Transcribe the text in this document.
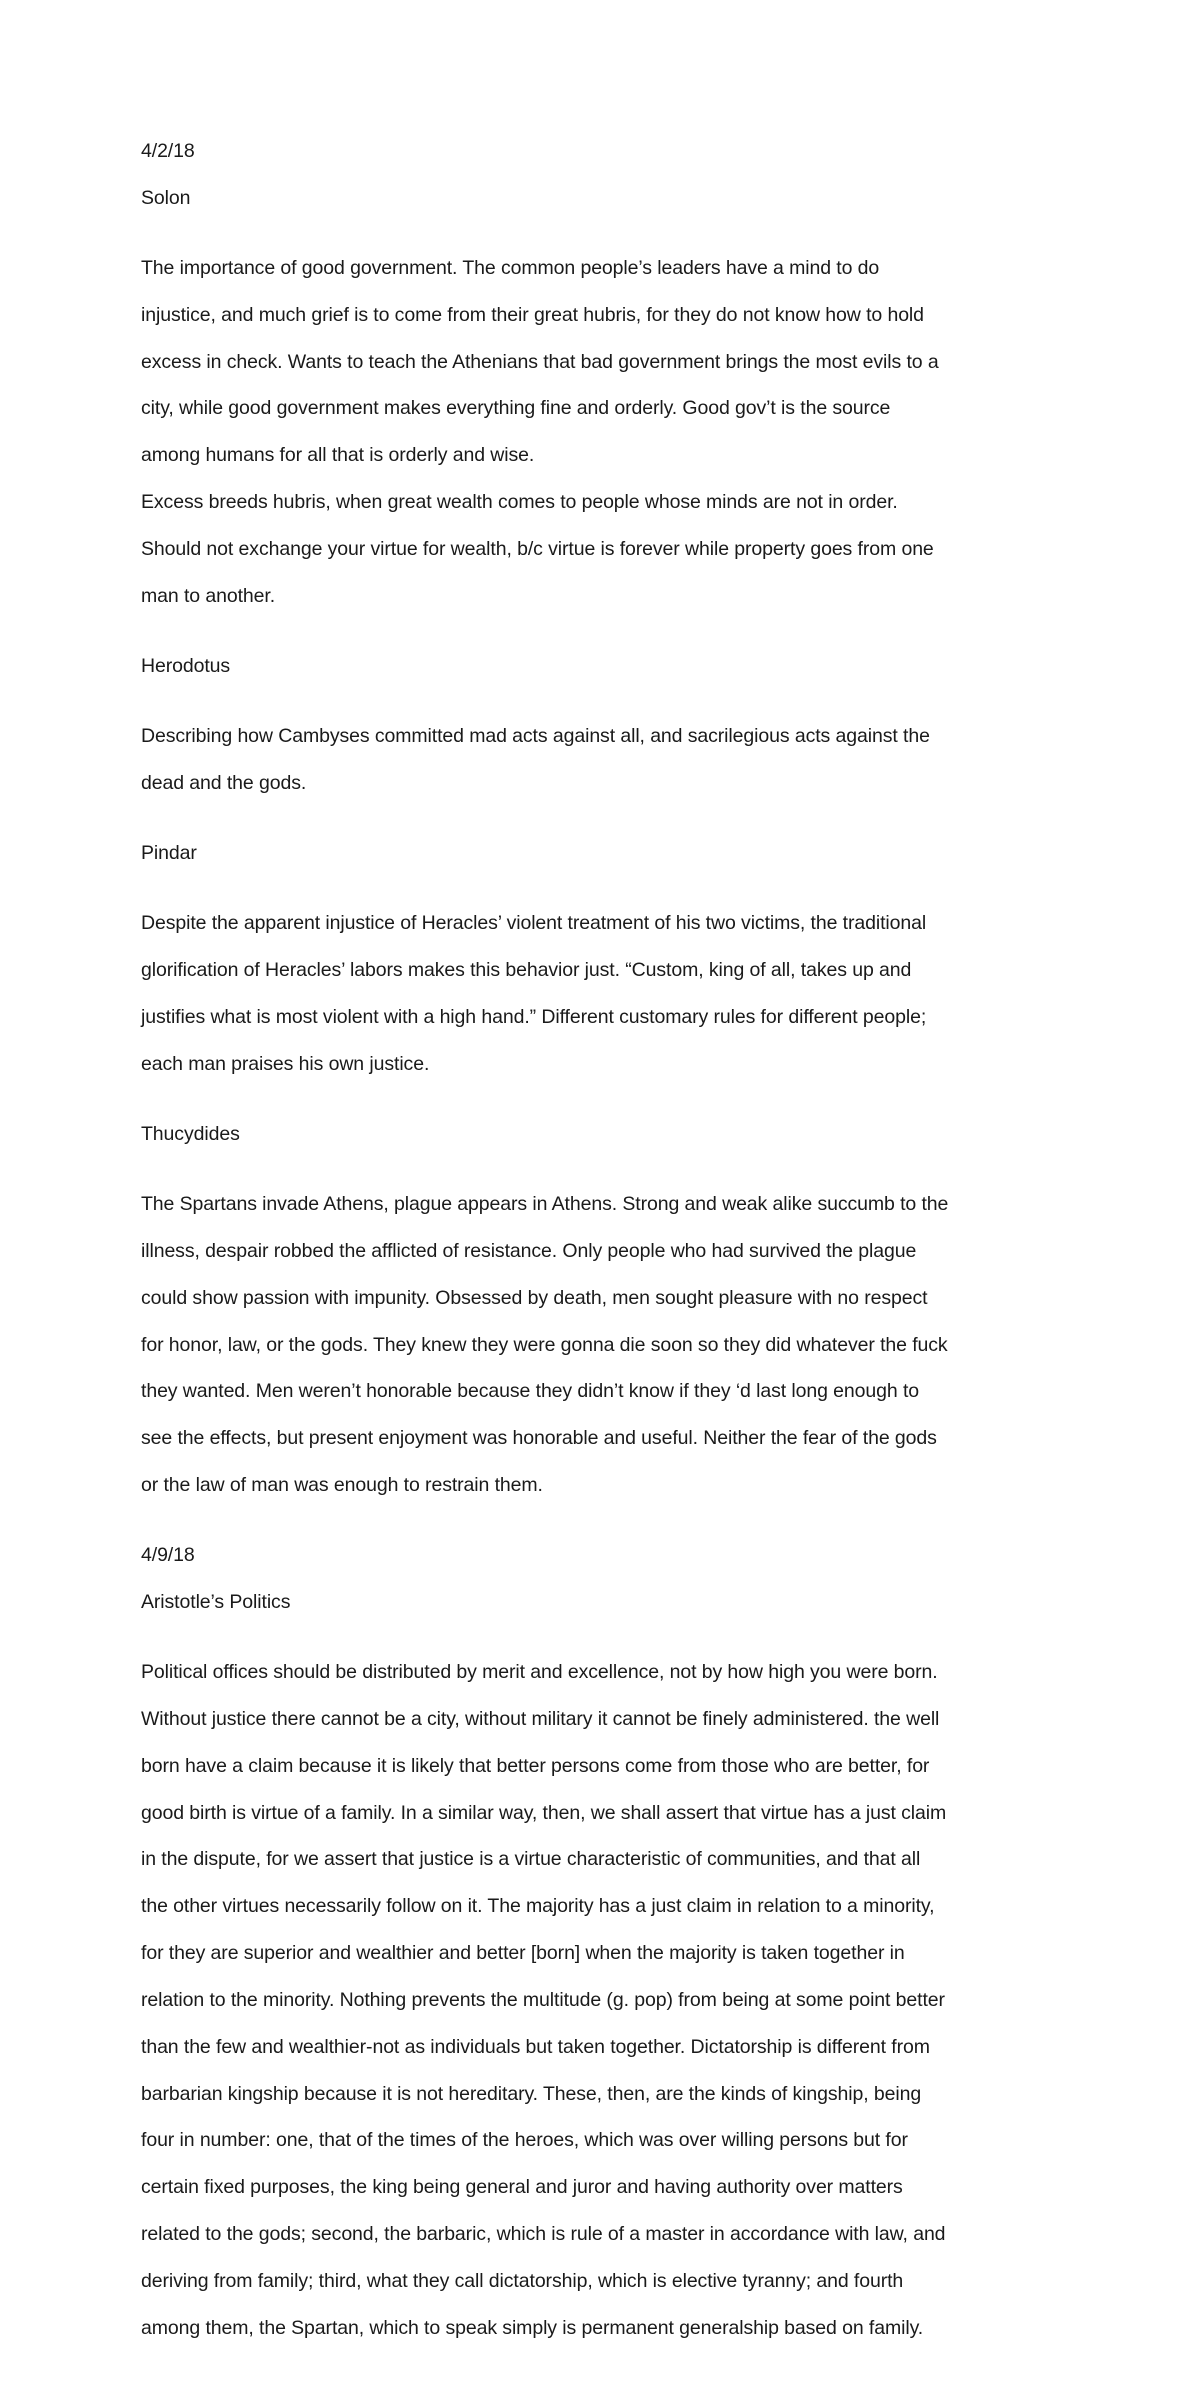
4/2/18
Solon

The importance of good government. The common people’s leaders have a mind to do

injustice, and much grief is to come from their great hubris, for they do not know how to hold

excess in check. Wants to teach the Athenians that bad government brings the most evils to a

city, while good government makes everything fine and orderly. Good gov’t is the source

among humans for all that is orderly and wise.

Excess breeds hubris, when great wealth comes to people whose minds are not in order.

Should not exchange your virtue for wealth, b/c virtue is forever while property goes from one

man to another.

Herodotus

Describing how Cambyses committed mad acts against all, and sacrilegious acts against the

dead and the gods.

Pindar

Despite the apparent injustice of Heracles’ violent treatment of his two victims, the traditional

glorification of Heracles’ labors makes this behavior just. “Custom, king of all, takes up and

justifies what is most violent with a high hand.” Different customary rules for different people;

each man praises his own justice.

Thucydides

The Spartans invade Athens, plague appears in Athens. Strong and weak alike succumb to the

illness, despair robbed the afflicted of resistance. Only people who had survived the plague

could show passion with impunity. Obsessed by death, men sought pleasure with no respect

for honor, law, or the gods. They knew they were gonna die soon so they did whatever the fuck

they wanted. Men weren’t honorable because they didn’t know if they ‘d last long enough to

see the effects, but present enjoyment was honorable and useful. Neither the fear of the gods

or the law of man was enough to restrain them.

4/9/18
Aristotle’s Politics

Political offices should be distributed by merit and excellence, not by how high you were born.

Without justice there cannot be a city, without military it cannot be finely administered. the well

born have a claim because it is likely that better persons come from those who are better, for

good birth is virtue of a family. In a similar way, then, we shall assert that virtue has a just claim

in the dispute, for we assert that justice is a virtue characteristic of communities, and that all

the other virtues necessarily follow on it. The majority has a just claim in relation to a minority,

for they are superior and wealthier and better [born] when the majority is taken together in

relation to the minority. Nothing prevents the multitude (g. pop) from being at some point better

than the few and wealthier-not as individuals but taken together. Dictatorship is different from

barbarian kingship because it is not hereditary. These, then, are the kinds of kingship, being

four in number: one, that of the times of the heroes, which was over willing persons but for

certain fixed purposes, the king being general and juror and having authority over matters

related to the gods; second, the barbaric, which is rule of a master in accordance with law, and

deriving from family; third, what they call dictatorship, which is elective tyranny; and fourth

among them, the Spartan, which to speak simply is permanent generalship based on family.
